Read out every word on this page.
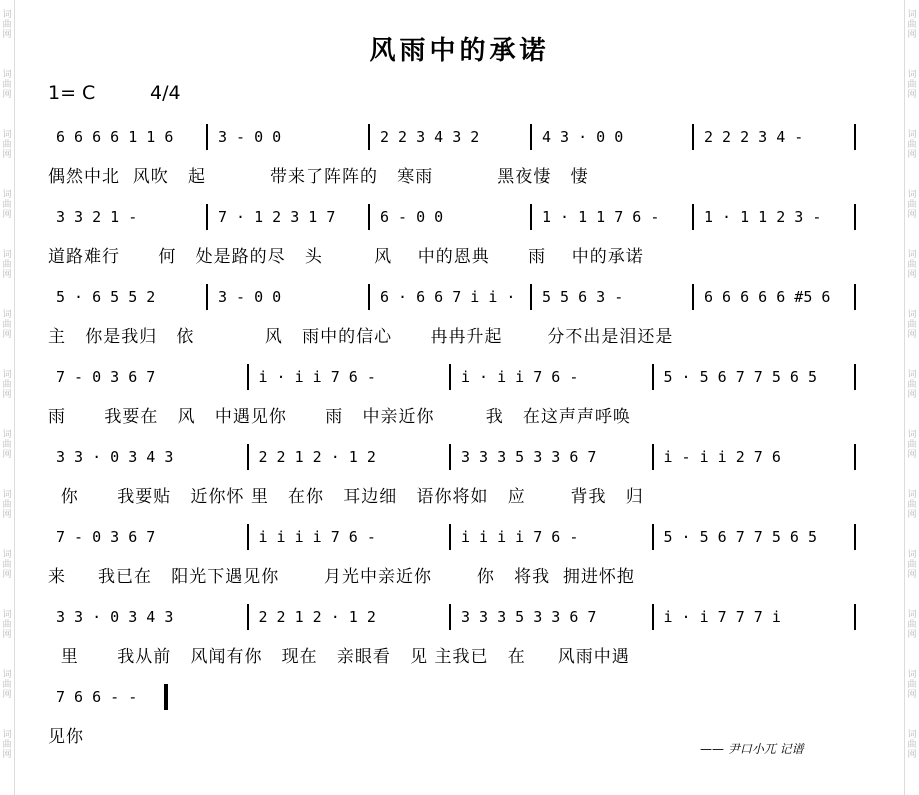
词
曲
网
词
曲
网
词
曲
网
词
曲
网
词
曲
网
词
曲
网
词
曲
网
词
曲
网
词
曲
网
词
曲
网
词
曲
网
词
曲
网
词
曲
网
词
曲
网
词
曲
网
词
曲
网
词
曲
网
词
曲
网
词
曲
网
词
曲
网
词
曲
网
词
曲
网
词
曲
网
词
曲
网
词
曲
网
词
曲
网
风雨中的承诺
1= C	4/4
6 6 6 6 1 1 6	3 - 0 0	2 2 3 4 3 2	4 3 · 0 0	2 2 2 3 4 -
偶然中北  风吹   起          带来了阵阵的   寒雨          黑夜悽   悽
3 3 2 1 -	7 · 1 2 3 1 7	6 - 0 0	1 · 1 1 7 6 -	1 · 1 1 2 3 -
道路难行      何   处是路的尽   头        风    中的恩典      雨    中的承诺
5 · 6 5 5 2	3 - 0 0	6 · 6 6 7 i i · 5 5 6 3 -	6 6 6 6 6 #5 6
主   你是我归   依           风   雨中的信心      冉冉升起       分不出是泪还是
7 - 0 3 6 7	i · i i 7 6 -	i · i i 7 6 -	5 · 5 6 7 7 5 6 5
雨      我要在   风   中遇见你      雨   中亲近你        我   在这声声呼唤
3 3 · 0 3 4 3	2 2 1 2 · 1 2	3 3 3 5 3 3 6 7	i - i i 2 7 6
你      我要贴   近你怀 里   在你   耳边细   语你将如   应       背我   归
7 - 0 3 6 7	i i i i 7 6 -	i i i i 7 6 -	5 · 5 6 7 7 5 6 5
来     我已在   阳光下遇见你       月光中亲近你       你   将我  拥进怀抱
3 3 · 0 3 4 3	2 2 1 2 · 1 2	3 3 3 5 3 3 6 7	i · i 7 7 7 i
里      我从前   风闻有你   现在   亲眼看   见 主我已   在     风雨中遇
7 6 6 - -
见你
—— 尹口小兀 记谱
